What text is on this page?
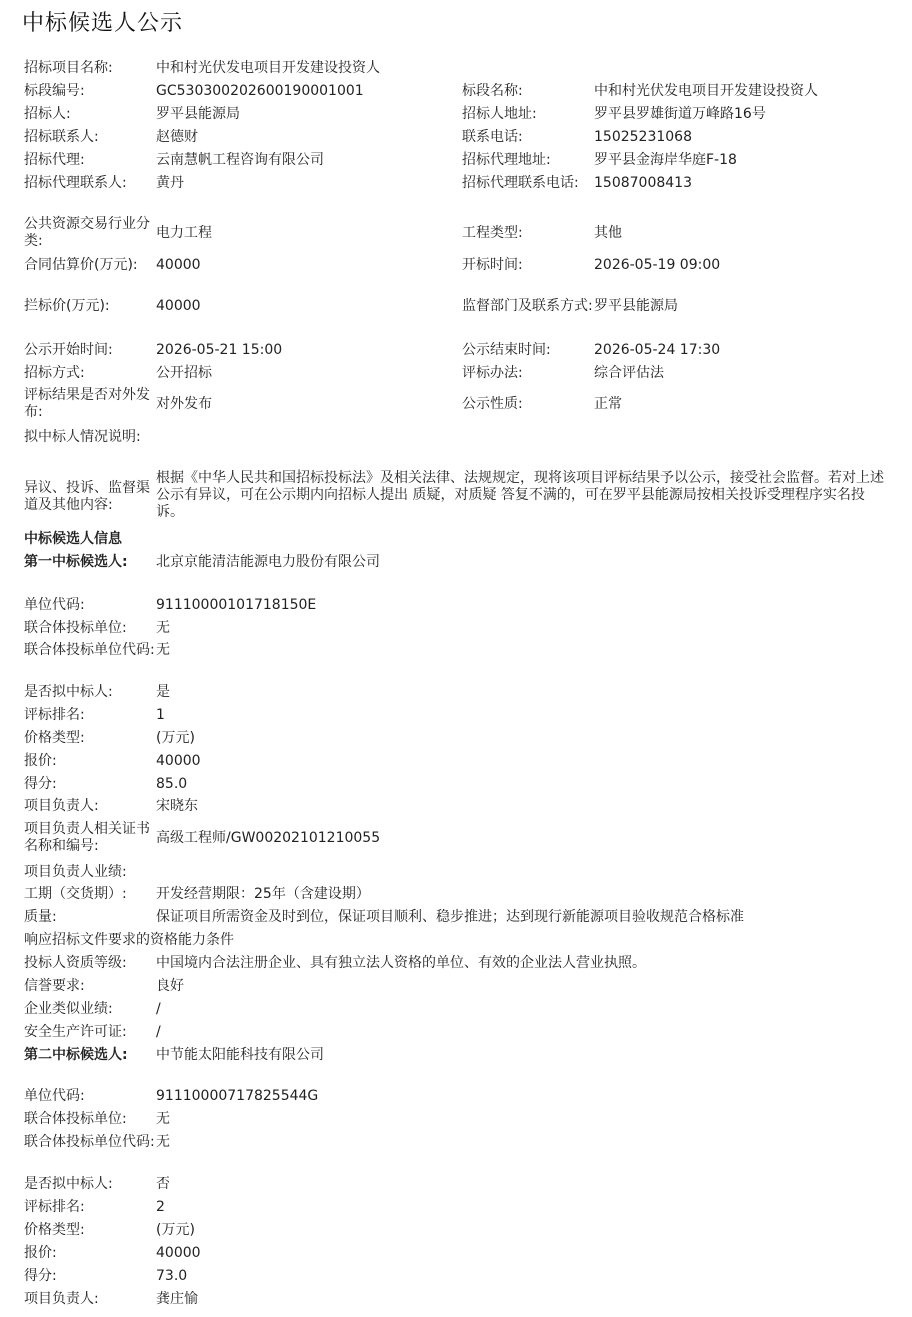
中标候选人公示
招标项目名称:	中和村光伏发电项目开发建设投资人
标段编号:	GC5303002026001900010​01	标段名称:	中和村光伏发电项目开发建设投资人
招标人:	罗平县能源局	招标人地址:	罗平县罗雄街道万峰路16号
招标联系人:	赵德财	联系电话:	15025231068
招标代理:	云南慧帆工程咨询有限公司	招标代理地址:	罗平县金海岸华庭F-18
招标代理联系人:	黄丹	招标代理联系电话:	15087008413
公共资源交易行业分类:
电力工程	工程类型:	其他
合同估算价(万元):	40000	开标时间:	2026-05-19 09:00
拦标价(万元):	40000	监督部门及联系方式: 罗平县能源局
公示开始时间:	2026-05-21 15:00	公示结束时间:	2026-05-24 17:30
招标方式:	公开招标	评标办法:	综合评估法
评标结果是否对外发布:
对外发布	公示性质:	正常
拟中标人情况说明:
异议、投诉、监督渠道及其他内容:
根据《中华人民共和国招标投标法》及相关法律、法规规定，现将该项目评标结果予以公示，接受社会监督。若对上述公示有异议，可在公示期内向招标人提出 质疑，对质疑 答复不满的，可在罗平县能源局按相关投诉受理程序实名投诉。
中标候选人信息
第一中标候选人:	北京京能清洁能源电力股份有限公司
单位代码:	91110000101718150E
联合体投标单位:	无
联合体投标单位代码: 无
是否拟中标人:	是
评标排名:	1
价格类型:	(万元)
报价:	40000
得分:	85.0
项目负责人:	宋晓东
项目负责人相关证书名称和编号:
高级工程师/GW00202101210055
项目负责人业绩:
工期（交货期）:	开发经营期限：25年（含建设期）
质量:	保证项目所需资金及时到位，保证项目顺利、稳步推进；达到现行新能源项目验收规范合格标准
响应招标文件要求的资格能力条件
投标人资质等级:	中国境内合法注册企业、具有独立法人资格的单位、有效的企业法人营业执照。
信誉要求:	良好
企业类似业绩:	/
安全生产许可证:	/
第二中标候选人:	中节能太阳能科技有限公司
单位代码:	91110000717825544G
联合体投标单位:	无
联合体投标单位代码: 无
是否拟中标人:	否
评标排名:	2
价格类型:	(万元)
报价:	40000
得分:	73.0
项目负责人:	龚庄愉
